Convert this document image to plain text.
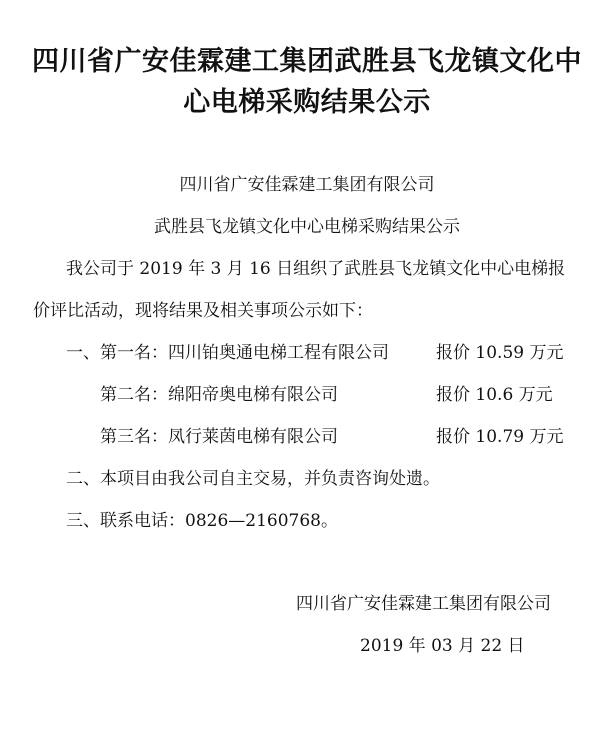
四川省广安佳霖建工集团武胜县飞龙镇文化中
心电梯采购结果公示
四川省广安佳霖建工集团有限公司
武胜县飞龙镇文化中心电梯采购结果公示
我公司于 2019 年 3 月 16 日组织了武胜县飞龙镇文化中心电梯报
价评比活动，现将结果及相关事项公示如下：
一、第一名：四川铂奥通电梯工程有限公司	报价 10.59 万元
第二名：绵阳帝奥电梯有限公司	报价 10.6 万元
第三名：凤行莱茵电梯有限公司	报价 10.79 万元
二、本项目由我公司自主交易，并负责咨询处遗。
三、联系电话：0826—2160768。
四川省广安佳霖建工集团有限公司
2019 年 03 月 22 日
